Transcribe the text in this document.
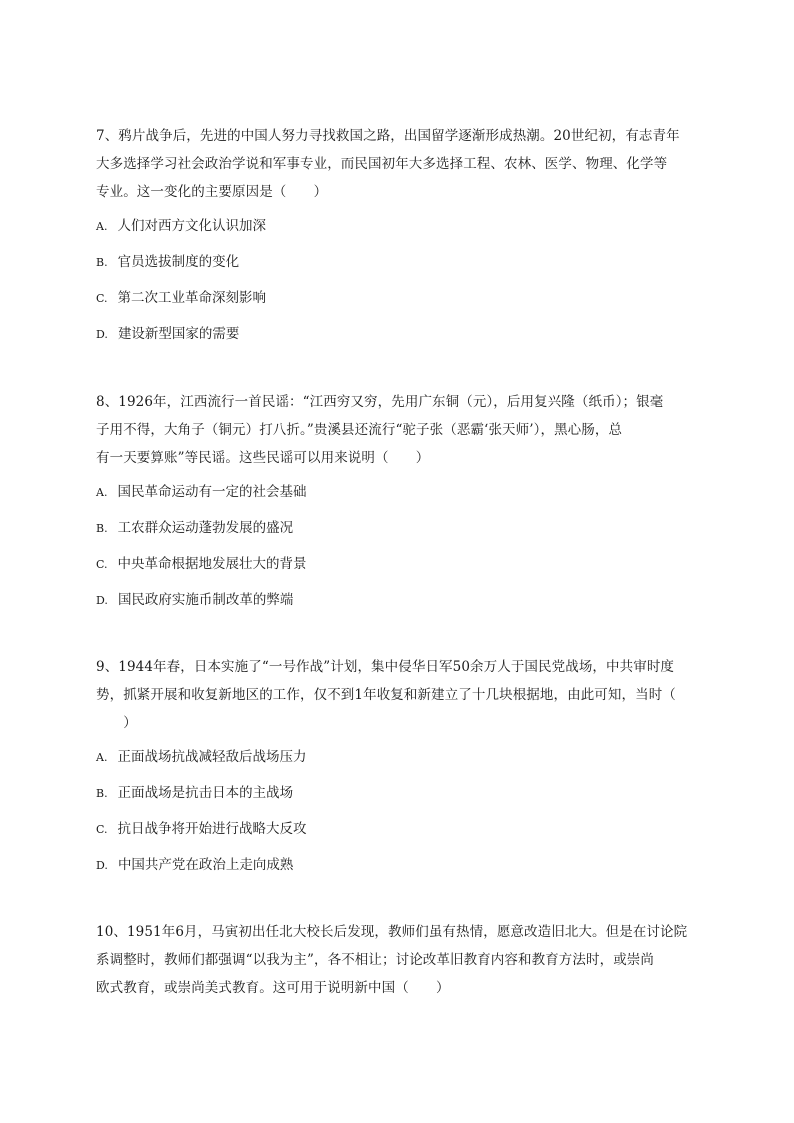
7、鸦片战争后，先进的中国人努力寻找救国之路，出国留学逐渐形成热潮。20世纪初，有志青年
大多选择学习社会政治学说和军事专业，而民国初年大多选择工程、农林、医学、物理、化学等
专业。这一变化的主要原因是（　　）

A. 人们对西方文化认识加深

B. 官员选拔制度的变化

C. 第二次工业革命深刻影响

D. 建设新型国家的需要

8、1926年，江西流行一首民谣：“江西穷又穷，先用广东铜（元），后用复兴隆（纸币）；银毫
子用不得，大角子（铜元）打八折。”贵溪县还流行“驼子张（恶霸‘张天师’），黑心肠，总
有一天要算账”等民谣。这些民谣可以用来说明（　　）

A. 国民革命运动有一定的社会基础

B. 工农群众运动蓬勃发展的盛况

C. 中央革命根据地发展壮大的背景

D. 国民政府实施币制改革的弊端

9、1944年春，日本实施了“一号作战”计划，集中侵华日军50余万人于国民党战场，中共审时度
势，抓紧开展和收复新地区的工作，仅不到1年收复和新建立了十几块根据地，由此可知，当时（
　　）

A. 正面战场抗战减轻敌后战场压力

B. 正面战场是抗击日本的主战场

C. 抗日战争将开始进行战略大反攻

D. 中国共产党在政治上走向成熟

10、1951年6月，马寅初出任北大校长后发现，教师们虽有热情，愿意改造旧北大。但是在讨论院
系调整时，教师们都强调“以我为主”，各不相让；讨论改革旧教育内容和教育方法时，或崇尚
欧式教育，或崇尚美式教育。这可用于说明新中国（　　）
